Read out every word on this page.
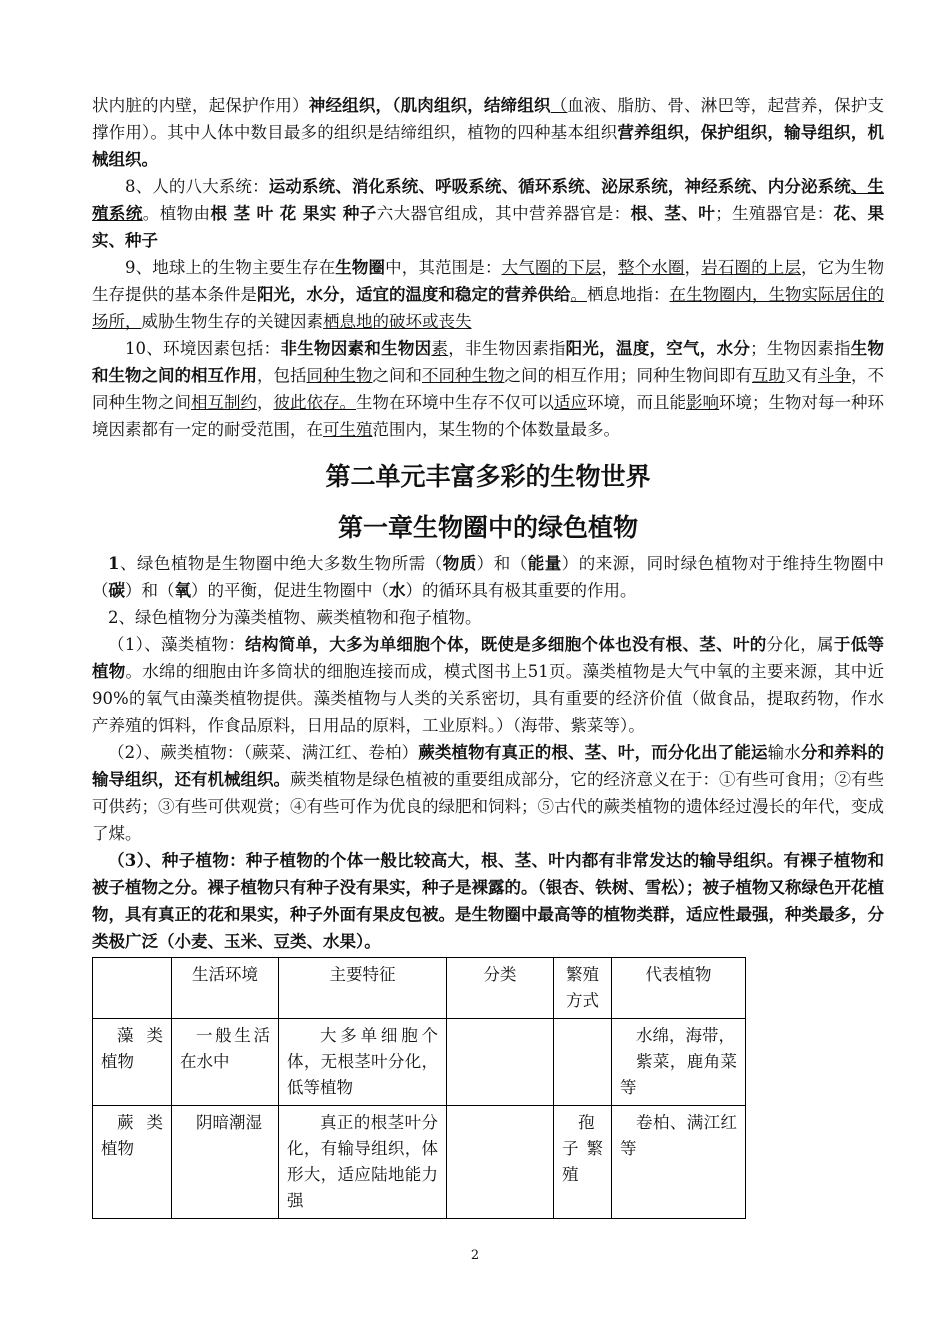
状内脏的内壁，起保护作用）神经组织，（肌肉组织，结缔组织（血液、脂肪、骨、淋巴等，起营养，保护支撑作用）。其中人体中数目最多的组织是结缔组织，植物的四种基本组织营养组织，保护组织，输导组织，机械组织。

8、人的八大系统：运动系统、消化系统、呼吸系统、循环系统、泌尿系统，神经系统、内分泌系统、生殖系统。植物由根 茎 叶 花 果实 种子六大器官组成，其中营养器官是：根、茎、叶；生殖器官是：花、果实、种子

9、地球上的生物主要生存在生物圈中，其范围是：大气圈的下层，整个水圈，岩石圈的上层，它为生物生存提供的基本条件是阳光，水分，适宜的温度和稳定的营养供给。栖息地指：在生物圈内，生物实际居住的场所，威胁生物生存的关键因素栖息地的破坏或丧失

10、环境因素包括：非生物因素和生物因素，非生物因素指阳光，温度，空气，水分；生物因素指生物和生物之间的相互作用，包括同种生物之间和不同种生物之间的相互作用；同种生物间即有互助又有斗争，不同种生物之间相互制约，彼此依存。生物在环境中生存不仅可以适应环境，而且能影响环境；生物对每一种环境因素都有一定的耐受范围，在可生殖范围内，某生物的个体数量最多。

第二单元丰富多彩的生物世界
第一章生物圈中的绿色植物

1、绿色植物是生物圈中绝大多数生物所需（物质）和（能量）的来源，同时绿色植物对于维持生物圈中（碳）和（氧）的平衡，促进生物圈中（水）的循环具有极其重要的作用。

2、绿色植物分为藻类植物、蕨类植物和孢子植物。

（1）、藻类植物：结构简单，大多为单细胞个体，既使是多细胞个体也没有根、茎、叶的分化，属于低等植物。水绵的细胞由许多筒状的细胞连接而成，模式图书上51页。藻类植物是大气中氧的主要来源，其中近90%的氧气由藻类植物提供。藻类植物与人类的关系密切，具有重要的经济价值（做食品，提取药物，作水产养殖的饵料，作食品原料，日用品的原料，工业原料。）（海带、紫菜等）。

（2）、蕨类植物：（蕨菜、满江红、卷柏）蕨类植物有真正的根、茎、叶，而分化出了能运输水分和养料的输导组织，还有机械组织。蕨类植物是绿色植被的重要组成部分，它的经济意义在于：①有些可食用；②有些可供药；③有些可供观赏；④有些可作为优良的绿肥和饲料；⑤古代的蕨类植物的遗体经过漫长的年代，变成了煤。

（3）、种子植物：种子植物的个体一般比较高大，根、茎、叶内都有非常发达的输导组织。有裸子植物和被子植物之分。裸子植物只有种子没有果实，种子是裸露的。（银杏、铁树、雪松）；被子植物又称绿色开花植物，具有真正的花和果实，种子外面有果皮包被。是生物圈中最高等的植物类群，适应性最强，种类最多，分类极广泛（小麦、玉米、豆类、水果）。

	生活环境	主要特征	分类	繁殖方式	代表植物
藻类植物	一般生活在水中	大多单细胞个体，无根茎叶分化，低等植物			水绵，海带，
紫菜，鹿角菜等

蕨类植物	阴暗潮湿	真正的根茎叶分化，有输导组织，体形大，适应陆地能力强		孢子繁殖	卷柏、满江红等
2
